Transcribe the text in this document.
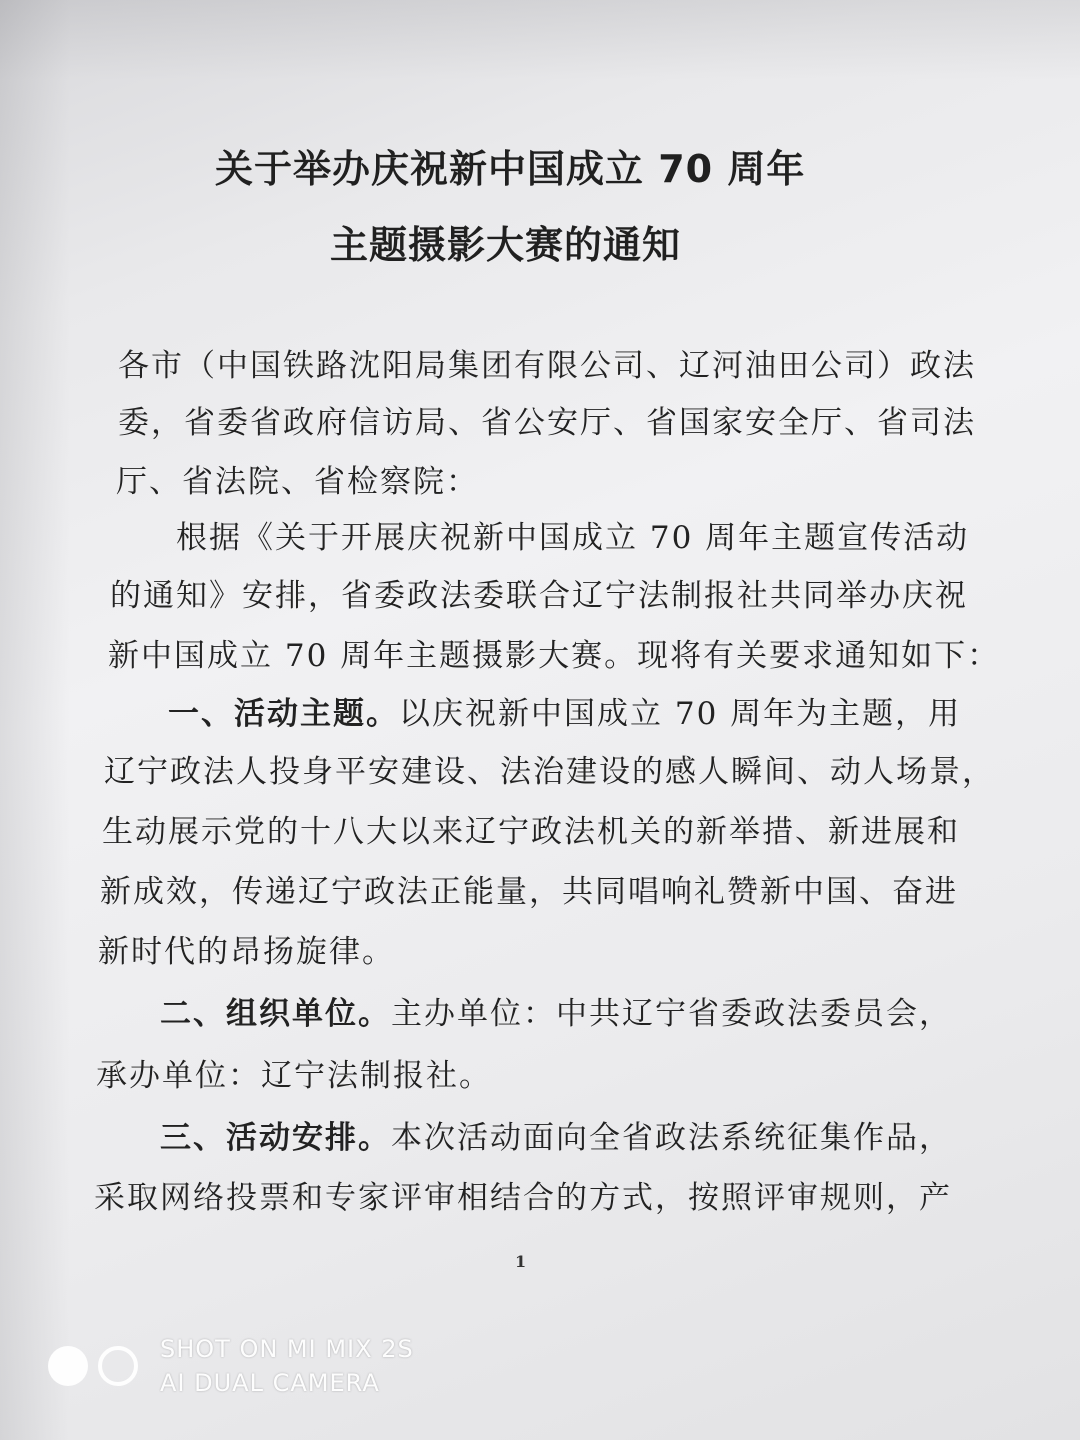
关于举办庆祝新中国成立 70 周年
主题摄影大赛的通知
各市（中国铁路沈阳局集团有限公司、辽河油田公司）政法
委，省委省政府信访局、省公安厅、省国家安全厅、省司法
厅、省法院、省检察院：
根据《关于开展庆祝新中国成立 70 周年主题宣传活动
的通知》安排，省委政法委联合辽宁法制报社共同举办庆祝
新中国成立 70 周年主题摄影大赛。现将有关要求通知如下：
一、活动主题。以庆祝新中国成立 70 周年为主题，用
辽宁政法人投身平安建设、法治建设的感人瞬间、动人场景，
生动展示党的十八大以来辽宁政法机关的新举措、新进展和
新成效，传递辽宁政法正能量，共同唱响礼赞新中国、奋进
新时代的昂扬旋律。
二、组织单位。主办单位：中共辽宁省委政法委员会，
承办单位：辽宁法制报社。
三、活动安排。本次活动面向全省政法系统征集作品，
采取网络投票和专家评审相结合的方式，按照评审规则，产
1
SHOT ON MI MIX 2S
AI DUAL CAMERA
